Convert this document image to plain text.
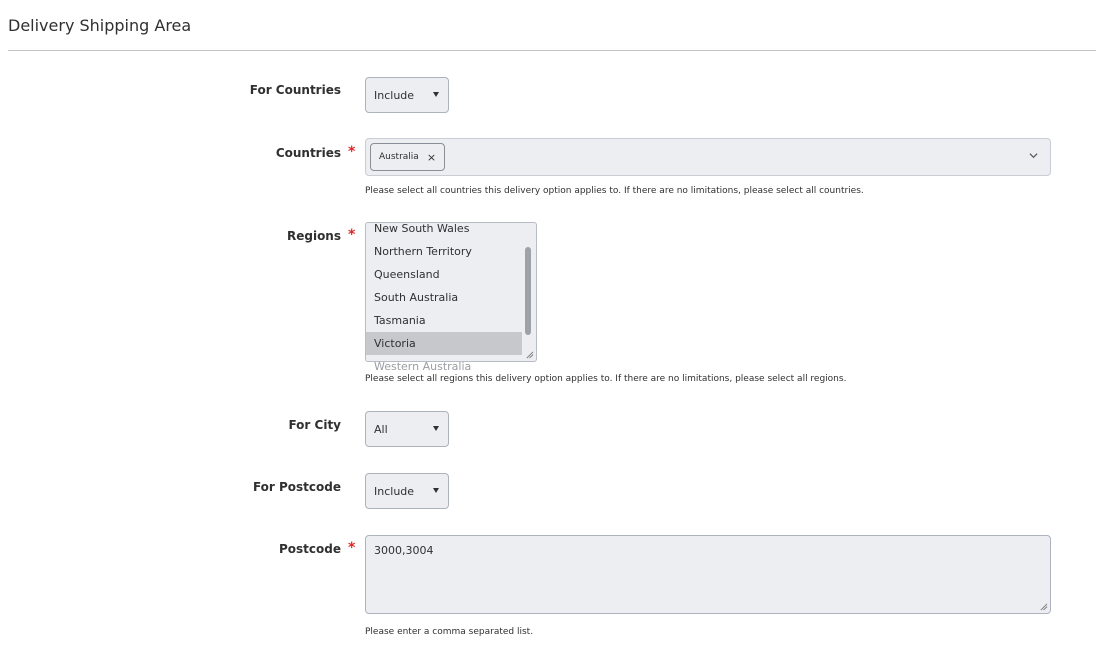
Delivery Shipping Area
For Countries	Include
Countries *	Australia ×
Please select all countries this delivery option applies to. If there are no limitations, please select all countries.
Regions *	New South Wales
Northern Territory
Queensland
South Australia
Tasmania
Victoria
Western Australia
Please select all regions this delivery option applies to. If there are no limitations, please select all regions.
For City	All
For Postcode	Include
Postcode * 3000,3004
Please enter a comma separated list.
